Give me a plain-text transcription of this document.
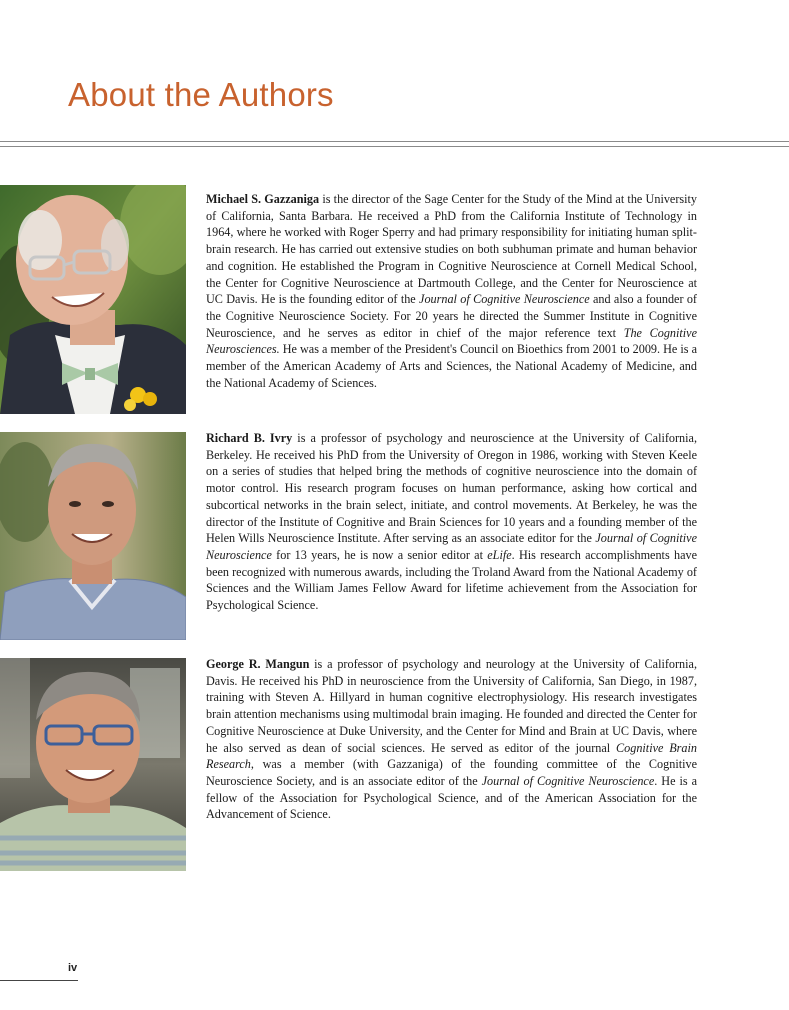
About the Authors

Michael S. Gazzaniga is the director of the Sage Center for the Study of the Mind at the University of California, Santa Barbara. He received a PhD from the California Institute of Technology in 1964, where he worked with Roger Sperry and had primary responsibility for initiating human split-brain research. He has carried out extensive studies on both subhuman primate and human behavior and cognition. He established the Program in Cognitive Neuroscience at Cornell Medical School, the Center for Cognitive Neuroscience at Dartmouth College, and the Center for Neuroscience at UC Davis. He is the founding editor of the Journal of Cognitive Neuroscience and also a founder of the Cognitive Neuroscience Society. For 20 years he directed the Summer Institute in Cognitive Neuroscience, and he serves as editor in chief of the major reference text The Cognitive Neurosciences. He was a member of the President's Council on Bioethics from 2001 to 2009. He is a member of the American Academy of Arts and Sciences, the National Academy of Medicine, and the National Academy of Sciences.

Richard B. Ivry is a professor of psychology and neuroscience at the University of California, Berkeley. He received his PhD from the University of Oregon in 1986, working with Steven Keele on a series of studies that helped bring the methods of cognitive neuroscience into the domain of motor control. His research program focuses on human performance, asking how cortical and subcortical networks in the brain select, initiate, and control movements. At Berkeley, he was the director of the Institute of Cognitive and Brain Sciences for 10 years and a founding member of the Helen Wills Neuroscience Institute. After serving as an associate editor for the Journal of Cognitive Neuroscience for 13 years, he is now a senior editor at eLife. His research accomplishments have been recognized with numerous awards, including the Troland Award from the National Academy of Sciences and the William James Fellow Award for lifetime achievement from the Association for Psychological Science.

George R. Mangun is a professor of psychology and neurology at the University of California, Davis. He received his PhD in neuroscience from the University of California, San Diego, in 1987, training with Steven A. Hillyard in human cognitive electrophysiology. His research investigates brain attention mechanisms using multimodal brain imaging. He founded and directed the Center for Cognitive Neuroscience at Duke University, and the Center for Mind and Brain at UC Davis, where he also served as dean of social sciences. He served as editor of the journal Cognitive Brain Research, was a member (with Gazzaniga) of the founding committee of the Cognitive Neuroscience Society, and is an associate editor of the Journal of Cognitive Neuroscience. He is a fellow of the Association for Psychological Science, and of the American Association for the Advancement of Science.

iv
